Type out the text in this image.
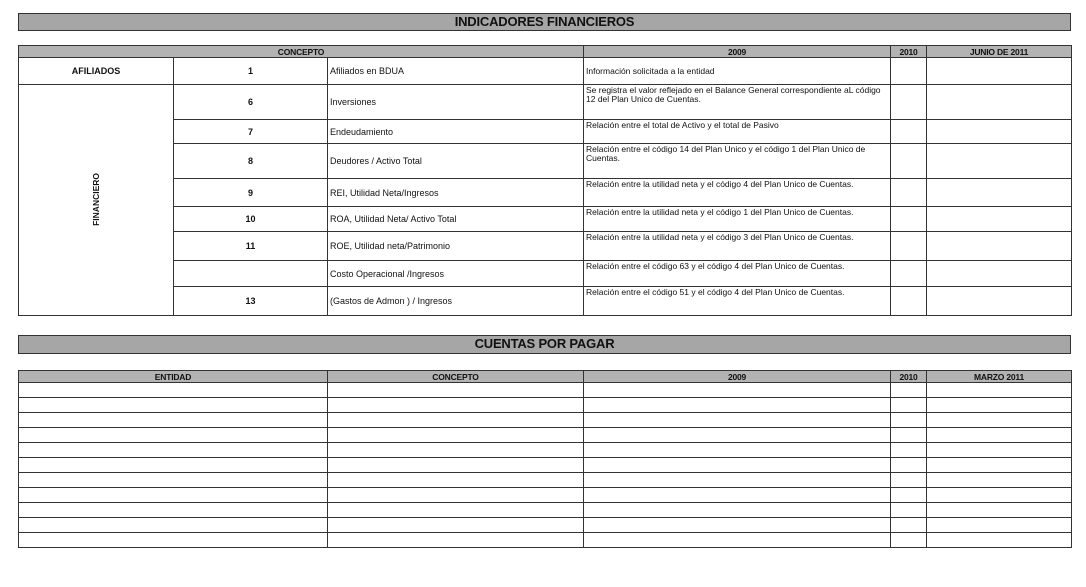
INDICADORES FINANCIEROS
CONCEPTO			2009	2010	JUNIO DE 2011
AFILIADOS	1	Afiliados en BDUA	Información solicitada a la entidad		
FINANCIERO	6	Inversiones	Se registra el valor reflejado en el Balance General correspondiente aL código 12 del Plan Unico de Cuentas.		
	7	Endeudamiento	Relación entre el total de Activo y el total de Pasivo		
	8	Deudores / Activo Total	Relación entre el código 14 del Plan Unico y el código 1 del Plan Unico de Cuentas.		
	9	REI, Utilidad Neta/Ingresos	Relación entre la utilidad neta y el código 4 del Plan Unico de Cuentas.		
	10	ROA, Utilidad Neta/ Activo Total	Relación entre la utilidad neta y el código 1 del Plan Unico de Cuentas.		
	11	ROE, Utilidad neta/Patrimonio	Relación entre la utilidad neta y el código 3 del Plan Unico de Cuentas.		
		Costo Operacional /Ingresos	Relación entre el código 63 y el código 4 del Plan Unico de Cuentas.		
	13	(Gastos de Admon ) / Ingresos	Relación entre el código 51 y el código 4 del Plan Unico de Cuentas.		
CUENTAS POR PAGAR
ENTIDAD	CONCEPTO	2009	2010	MARZO 2011
